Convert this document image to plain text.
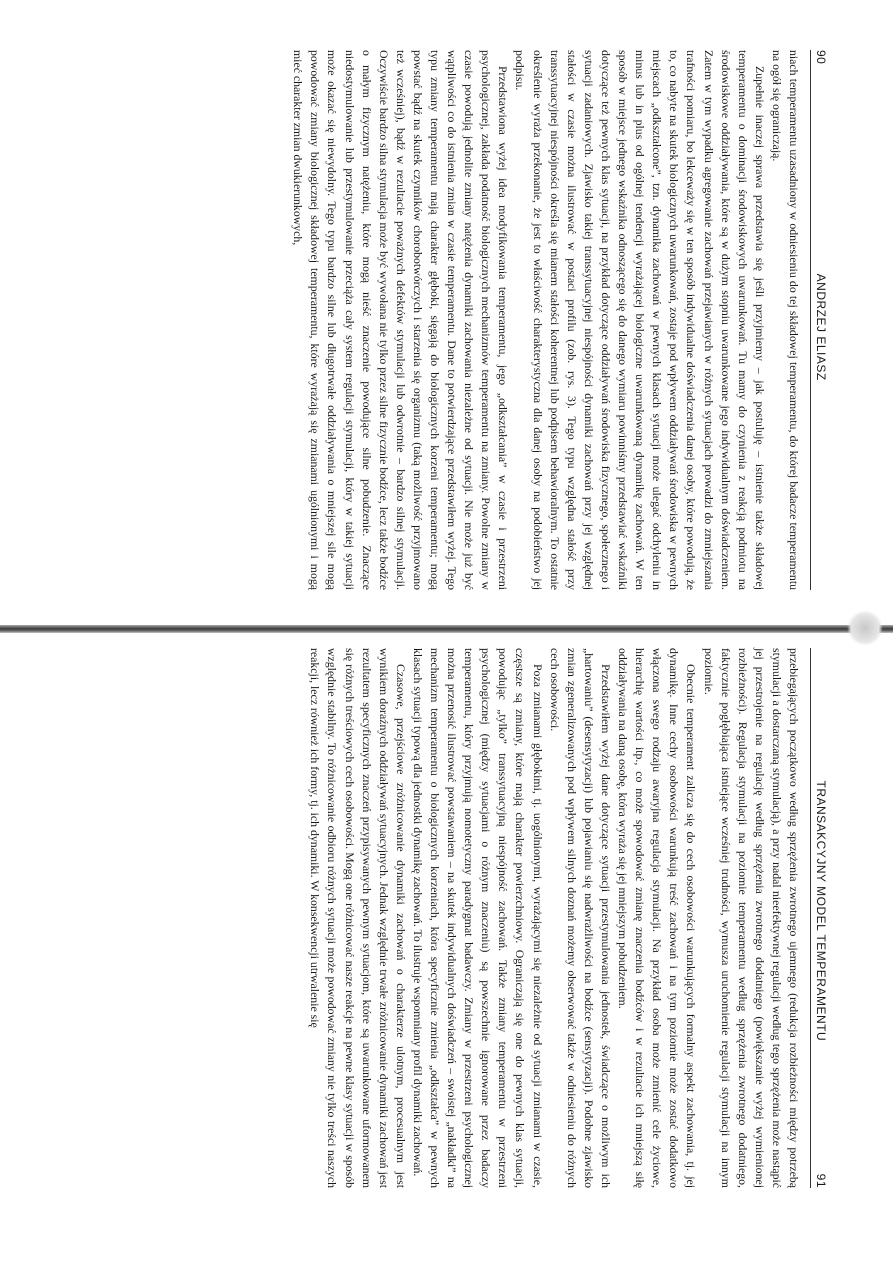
90
ANDRZEJ ELIASZ

niach temperamentu uzasadniony w odniesieniu do tej składowej temperamentu, do której badacze temperamentu na ogół się ograniczają.

Zupełnie inaczej sprawa przedstawia się jeśli przyjmiemy – jak postuluję – istnienie także składowej temperamentu o dominacji środowiskowych uwarunkowań. Tu mamy do czynienia z reakcją podmiotu na środowiskowe oddziaływania, które są w dużym stopniu uwarunkowane jego indywidualnym doświadczeniem. Zatem w tym wypadku agregowanie zachowań przejawianych w różnych sytuacjach prowadzi do zmniejszania trafności pomiaru, bo lekceważy się w ten sposób indywidualne doświadczenia danej osoby, które powodują, że to, co nabyte na skutek biologicznych uwarunkowań, zostaje pod wpływem oddziaływań środowiska w pewnych miejscach „odkształcone”, tzn. dynamika zachowań w pewnych klasach sytuacji może ulegać odchyleniu in minus lub in plus od ogólnej tendencji wyrażającej biologiczne uwarunkowaną dynamikę zachowań. W ten sposób w miejsce jednego wskaźnika odnoszącego się do danego wymiaru powinniśmy przedstawiać wskaźniki dotyczące też pewnych klas sytuacji, na przykład dotyczące oddziaływań środowiska fizycznego, społecznego i sytuacji zadaniowych. Zjawisko takiej transsytuacyjnej niespójności dynamiki zachowań przy jej względnej stałości w czasie można ilustrować w postaci profilu (zob. rys. 3). Tego typu względna stałość przy transsytuacyjnej niespójności określa się mianem stałości koherentnej lub podpisem behawioralnym. To ostatnie określenie wyraża przekonanie, że jest to właściwość charakterystyczna dla danej osoby na podobieństwo jej podpisu.

Przedstawiona wyżej idea modyfikowania temperamentu, jego „odkształcania” w czasie i przestrzeni psychologicznej, zakłada podatność biologicznych mechanizmów temperamentu na zmiany. Powolne zmiany w czasie powodują jednolite zmiany natężenia dynamiki zachowania niezależne od sytuacji. Nie może już być wątpliwości co do istnienia zmian w czasie temperamentu. Dane to potwierdzające przedstawiłem wyżej. Tego typu zmiany temperamentu mają charakter głęboki, sięgają do biologicznych korzeni temperamentu; mogą powstać bądź na skutek czynników chorobotwórczych i starzenia się organizmu (taką możliwość przyjmowano też wcześniej), bądź w rezultacie poważnych defektów stymulacji lub odwrotnie – bardzo silnej stymulacji. Oczywiście bardzo silna stymulacja może być wywołana nie tylko przez silne fizycznie bodźce, lecz także bodźce o małym fizycznym natężeniu, które mogą nieść znaczenie powodujące silne pobudzenie. Znaczące niedostymulowanie lub przestymulowanie przeciąża cały system regulacji stymulacji, który w takiej sytuacji może okazać się niewydolny. Tego typu bardzo silne lub długotrwałe oddziaływania o mniejszej sile mogą powodować zmiany biologicznej składowej temperamentu, które wyrażają się zmianami ugólnionymi i mogą mieć charakter zmian dwukierunkowych,

TRANSAKCYJNY MODEL TEMPERAMENTU
91

przebiegających początkowo według sprzężenia zwrotnego ujemnego (redukcja rozbieżności między potrzebą stymulacji a dostarczaną stymulacją), a przy nadal nieefektywnej regulacji według tego sprzężenia może nastąpić jej przestrojenie na regulację według sprzężenia zwrotnego dodatniego (powiększanie wyżej wymienionej rozbieżności). Regulacja stymulacji na poziomie temperamentu według sprzężenia zwrotnego dodatniego, faktycznie pogłębiająca istniejące wcześniej trudności, wymusza uruchomienie regulacji stymulacji na innym poziomie.

Obecnie temperament zalicza się do cech osobowości warunkujących formalny aspekt zachowania, tj. jej dynamikę. Inne cechy osobowości warunkują treść zachowań i na tym poziomie może zostać dodatkowo włączona swego rodzaju awaryjna regulacja stymulacji. Na przykład osoba może zmienić cele życiowe, hierarchię wartości itp., co może spowodować zmianę znaczenia bodźców i w rezultacie ich mniejszą siłę oddziaływania na daną osobę, która wyraża się jej mniejszym pobudzeniem.

Przedstawiłem wyżej dane dotyczące sytuacji przestymulowania jednostek, świadczące o możliwym ich „hartowaniu” (desensytyzacji) lub pojawianiu się nadwrażliwości na bodźce (sensytyzacji). Podobne zjawisko zmian zgeneralizowanych pod wpływem silnych doznań możemy obserwować także w odniesieniu do różnych cech osobowości.

Poza zmianami głębokimi, tj. uogólnionymi, wyrażającymi się niezależnie od sytuacji zmianami w czasie, częstsze są zmiany, które mają charakter powierzchniowy. Ograniczają się one do pewnych klas sytuacji, powodując „tylko” transsytuacyjną niespójność zachowań. Także zmiany temperamentu w przestrzeni psychologicznej (między sytuacjami o różnym znaczeniu) są powszechnie ignorowane przez badaczy temperamentu, który przyjmują nomotetyczny paradygmat badawczy. Zmiany w przestrzeni psychologicznej można przenosić ilustrować powstawaniem – na skutek indywidualnych doświadczeń – swoistej „nakładki” na mechanizm temperamentu o biologicznych korzeniach, która specyficznie zmienia „odkształca” w pewnych klasach sytuacji typową dla jednostki dynamikę zachowań. To ilustruje wspomniany profil dynamiki zachowań.

Czasowe, przejściowe zróżnicowanie dynamiki zachowań o charakterze ulotnym, procesualnym jest wynikiem doraźnych oddziaływań sytuacyjnych. Jednak względnie trwałe zróżnicowanie dynamiki zachowań jest rezultatem specyficznych znaczeń przypisywanych pewnym sytuacjom, które są uwarunkowane uformowanem się różnych treściowych cech osobowości. Mogą one różnicować nasze reakcje na pewne klasy sytuacji w sposób względnie stabilny. To różnicowanie odbioru różnych sytuacji może powodować zmiany nie tylko treści naszych reakcji, lecz również ich formy, tj. ich dynamiki. W konsekwencji utrwalenie się
